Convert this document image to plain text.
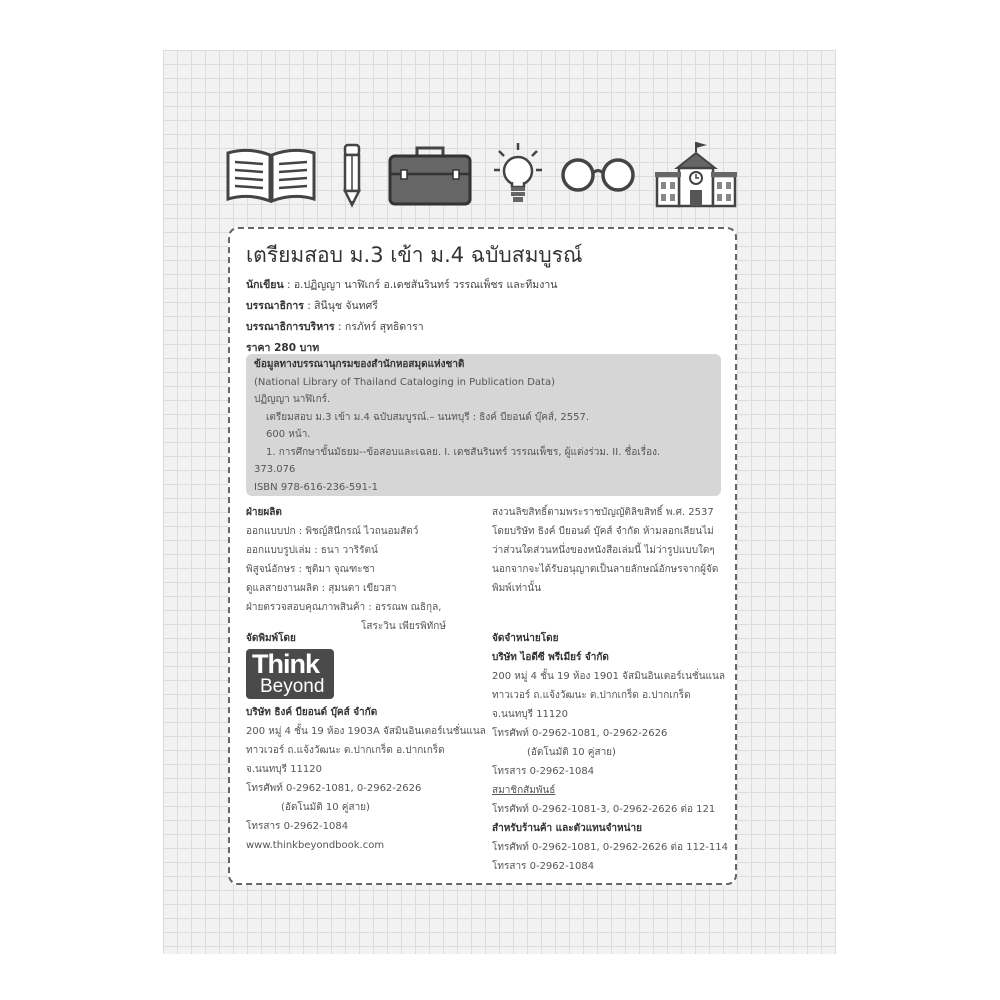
เตรียมสอบ ม.3 เข้า ม.4 ฉบับสมบูรณ์
นักเขียน : อ.ปฏิญญา นาฬิเกร์ อ.เดชสันรินทร์ วรรณเพ็ชร และทีมงาน
บรรณาธิการ : สินีนุช จันทศรี
บรรณาธิการบริหาร : กรภัทร์ สุทธิดารา
ราคา 280 บาท
ข้อมูลทางบรรณานุกรมของสำนักหอสมุดแห่งชาติ
(National Library of Thailand Cataloging in Publication Data)
ปฏิญญา นาฬิเกร์.
เตรียมสอบ ม.3 เข้า ม.4 ฉบับสมบูรณ์.– นนทบุรี : ธิงค์ บียอนด์ บุ๊คส์, 2557.
600 หน้า.
1. การศึกษาขั้นมัธยม--ข้อสอบและเฉลย. I. เดชสันรินทร์ วรรณเพ็ชร, ผู้แต่งร่วม. II. ชื่อเรื่อง.
373.076
ISBN 978-616-236-591-1
ฝ่ายผลิต
ออกแบบปก : พิชญ์สินีกรณ์ ไวถนอมสัตว์
ออกแบบรูปเล่ม : ธนา วาริรัตน์
พิสูจน์อักษร : ชุติมา จุณฑะชา
ดูแลสายงานผลิต : สุมนตา เขียวสา
ฝ่ายตรวจสอบคุณภาพสินค้า : อรรณพ ณธิกุล,
โสระวิน เพียรพิทักษ์
สงวนลิขสิทธิ์ตามพระราชบัญญัติลิขสิทธิ์ พ.ศ. 2537
โดยบริษัท ธิงค์ บียอนด์ บุ๊คส์ จำกัด ห้ามลอกเลียนไม่
ว่าส่วนใดส่วนหนึ่งของหนังสือเล่มนี้ ไม่ว่ารูปแบบใดๆ
นอกจากจะได้รับอนุญาตเป็นลายลักษณ์อักษรจากผู้จัด
พิมพ์เท่านั้น
จัดพิมพ์โดย
Think
Beyond
บริษัท ธิงค์ บียอนด์ บุ๊คส์ จำกัด
200 หมู่ 4 ชั้น 19 ห้อง 1903A จัสมินอินเตอร์เนชั่นแนล
ทาวเวอร์ ถ.แจ้งวัฒนะ ต.ปากเกร็ด อ.ปากเกร็ด
จ.นนทบุรี 11120
โทรศัพท์ 0-2962-1081, 0-2962-2626
(อัตโนมัติ 10 คู่สาย)
โทรสาร 0-2962-1084
www.thinkbeyondbook.com
จัดจำหน่ายโดย
บริษัท ไอดีซี พรีเมียร์ จำกัด
200 หมู่ 4 ชั้น 19 ห้อง 1901 จัสมินอินเตอร์เนชั่นแนล
ทาวเวอร์ ถ.แจ้งวัฒนะ ต.ปากเกร็ด อ.ปากเกร็ด
จ.นนทบุรี 11120
โทรศัพท์ 0-2962-1081, 0-2962-2626
(อัตโนมัติ 10 คู่สาย)
โทรสาร 0-2962-1084
สมาชิกสัมพันธ์
โทรศัพท์ 0-2962-1081-3, 0-2962-2626 ต่อ 121
สำหรับร้านค้า และตัวแทนจำหน่าย
โทรศัพท์ 0-2962-1081, 0-2962-2626 ต่อ 112-114
โทรสาร 0-2962-1084
